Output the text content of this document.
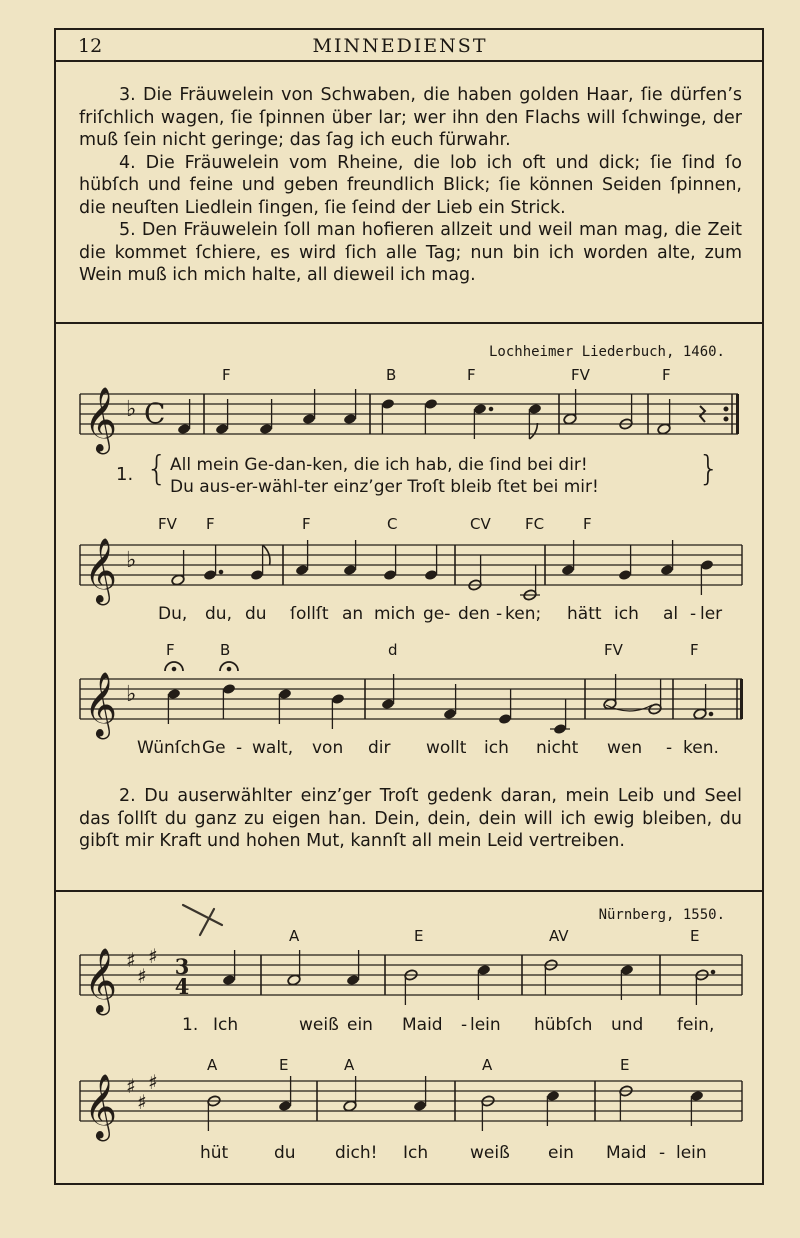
12	MINNEDIENST

3. Die Fräuwelein von Schwaben, die haben golden Haar, ſie dürfen’s friſchlich wagen, ſie ſpinnen über lar; wer ihn den Flachs will ſchwinge, der muß ſein nicht geringe; das ſag ich euch fürwahr.

4. Die Fräuwelein vom Rheine, die lob ich oft und dick; ſie ſind ſo hübſch und feine und geben freundlich Blick; ſie können Seiden ſpinnen, die neuſten Liedlein ſingen, ſie ſeind der Lieb ein Strick.

5. Den Fräuwelein ſoll man hofieren allzeit und weil man mag, die Zeit die kommet ſchiere, es wird ſich alle Tag; nun bin ich worden alte, zum Wein muß ich mich halte, all dieweil ich mag.

Lochheimer Liederbuch, 1460.
𝄞 ♭ C
𝄞 ♭
𝄞 ♭
𝄞 ♯
♯
♯ 3
4
𝄞 ♯
♯
♯
F	B	F	FV	F
FV F	F	C	CV FC	F
F	B	d	FV	F
A	E	AV	E
A	E	A	A	E
1. { All mein Ge-dan-ken, die ich hab, die ſind bei dir!
Du aus-er-wähl-ter einz’ger Troſt bleib ſtet bei mir!	}
Du, du, du ſollſt an mich ge- den - ken; hätt ich al - ler
Wünſch Ge - walt, von dir wollt ich nicht wen - ken.

2. Du auserwählter einz’ger Troſt gedenk daran, mein Leib und Seel das ſollſt du ganz zu eigen han. Dein, dein, dein will ich ewig bleiben, du gibſt mir Kraft und hohen Mut, kannſt all mein Leid vertreiben.

Nürnberg, 1550.
1. Ich	weiß ein Maid - lein hübſch und fein,
hüt	du dich! Ich weiß ein Maid - lein
